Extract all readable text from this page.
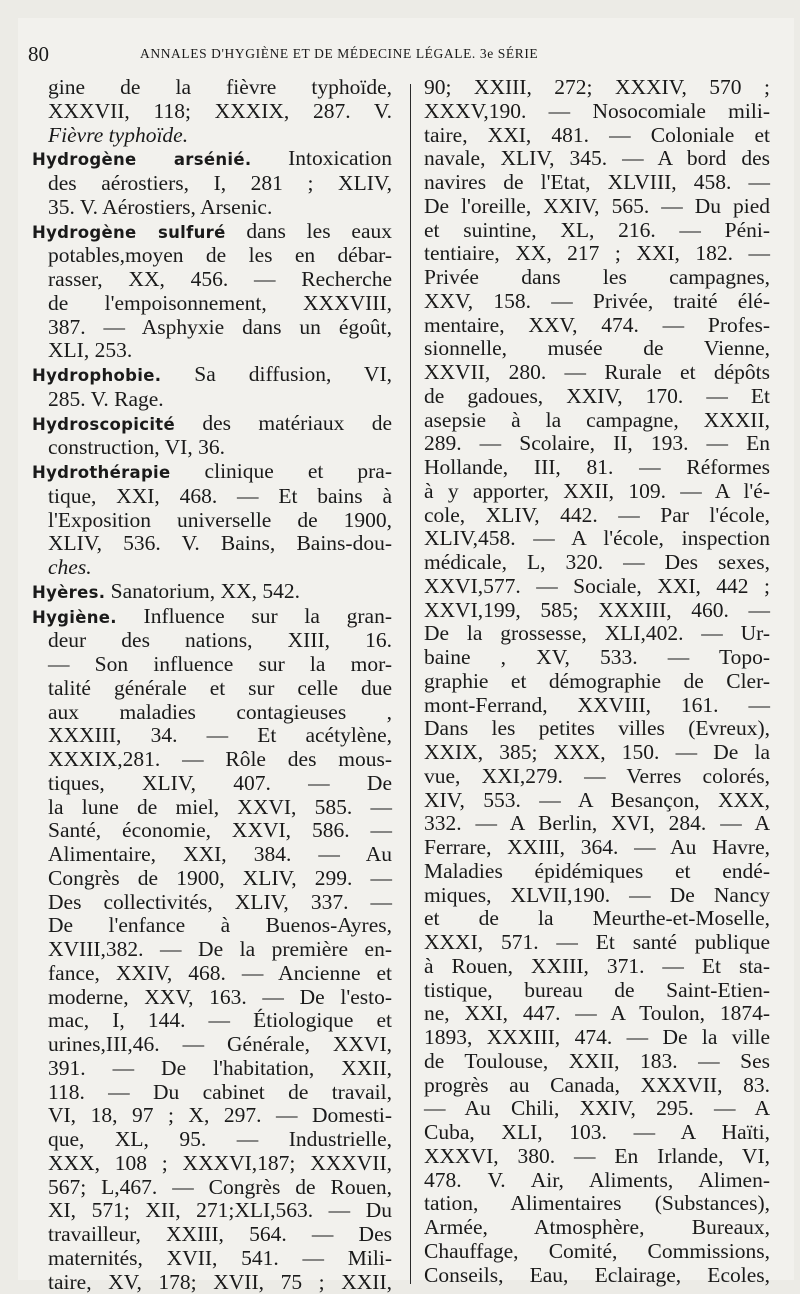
80	ANNALES D'HYGIÈNE ET DE MÉDECINE LÉGALE. 3e SÉRIE
gine de la fièvre typhoïde,
XXXVII, 118; XXXIX, 287. V.
Fièvre typhoïde.
Hydrogène arsénié. Intoxication
des aérostiers, I, 281 ; XLIV,
35. V. Aérostiers, Arsenic.
Hydrogène sulfuré dans les eaux
potables,moyen de les en débar-
rasser, XX, 456. — Recherche
de l'empoisonnement, XXXVIII,
387. — Asphyxie dans un égoût,
XLI, 253.
Hydrophobie. Sa diffusion, VI,
285. V. Rage.
Hydroscopicité des matériaux de
construction, VI, 36.
Hydrothérapie clinique et pra-
tique, XXI, 468. — Et bains à
l'Exposition universelle de 1900,
XLIV, 536. V. Bains, Bains-dou-
ches.
Hyères. Sanatorium, XX, 542.
Hygiène. Influence sur la gran-
deur des nations, XIII, 16.
— Son influence sur la mor-
talité générale et sur celle due
aux maladies contagieuses ,
XXXIII, 34. — Et acétylène,
XXXIX,281. — Rôle des mous-
tiques, XLIV, 407. — De
la lune de miel, XXVI, 585. —
Santé, économie, XXVI, 586. —
Alimentaire, XXI, 384. — Au
Congrès de 1900, XLIV, 299. —
Des collectivités, XLIV, 337. —
De l'enfance à Buenos-Ayres,
XVIII,382. — De la première en-
fance, XXIV, 468. — Ancienne et
moderne, XXV, 163. — De l'esto-
mac, I, 144. — Étiologique et
urines,III,46. — Générale, XXVI,
391. — De l'habitation, XXII,
118. — Du cabinet de travail,
VI, 18, 97 ; X, 297. — Domesti-
que, XL, 95. — Industrielle,
XXX, 108 ; XXXVI,187; XXXVII,
567; L,467. — Congrès de Rouen,
XI, 571; XII, 271;XLI,563. — Du
travailleur, XXIII, 564. — Des
maternités, XVII, 541. — Mili-
taire, XV, 178; XVII, 75 ; XXII,
90; XXIII, 272; XXXIV, 570 ;
XXXV,190. — Nosocomiale mili-
taire, XXI, 481. — Coloniale et
navale, XLIV, 345. — A bord des
navires de l'Etat, XLVIII, 458. —
De l'oreille, XXIV, 565. — Du pied
et suintine, XL, 216. — Péni-
tentiaire, XX, 217 ; XXI, 182. —
Privée dans les campagnes,
XXV, 158. — Privée, traité élé-
mentaire, XXV, 474. — Profes-
sionnelle, musée de Vienne,
XXVII, 280. — Rurale et dépôts
de gadoues, XXIV, 170. — Et
asepsie à la campagne, XXXII,
289. — Scolaire, II, 193. — En
Hollande, III, 81. — Réformes
à y apporter, XXII, 109. — A l'é-
cole, XLIV, 442. — Par l'école,
XLIV,458. — A l'école, inspection
médicale, L, 320. — Des sexes,
XXVI,577. — Sociale, XXI, 442 ;
XXVI,199, 585; XXXIII, 460. —
De la grossesse, XLI,402. — Ur-
baine , XV, 533. — Topo-
graphie et démographie de Cler-
mont-Ferrand, XXVIII, 161. —
Dans les petites villes (Evreux),
XXIX, 385; XXX, 150. — De la
vue, XXI,279. — Verres colorés,
XIV, 553. — A Besançon, XXX,
332. — A Berlin, XVI, 284. — A
Ferrare, XXIII, 364. — Au Havre,
Maladies épidémiques et endé-
miques, XLVII,190. — De Nancy
et de la Meurthe-et-Moselle,
XXXI, 571. — Et santé publique
à Rouen, XXIII, 371. — Et sta-
tistique, bureau de Saint-Etien-
ne, XXI, 447. — A Toulon, 1874-
1893, XXXIII, 474. — De la ville
de Toulouse, XXII, 183. — Ses
progrès au Canada, XXXVII, 83.
— Au Chili, XXIV, 295. — A
Cuba, XLI, 103. — A Haïti,
XXXVI, 380. — En Irlande, VI,
478. V. Air, Aliments, Alimen-
tation, Alimentaires (Substances),
Armée, Atmosphère, Bureaux,
Chauffage, Comité, Commissions,
Conseils, Eau, Eclairage, Ecoles,
